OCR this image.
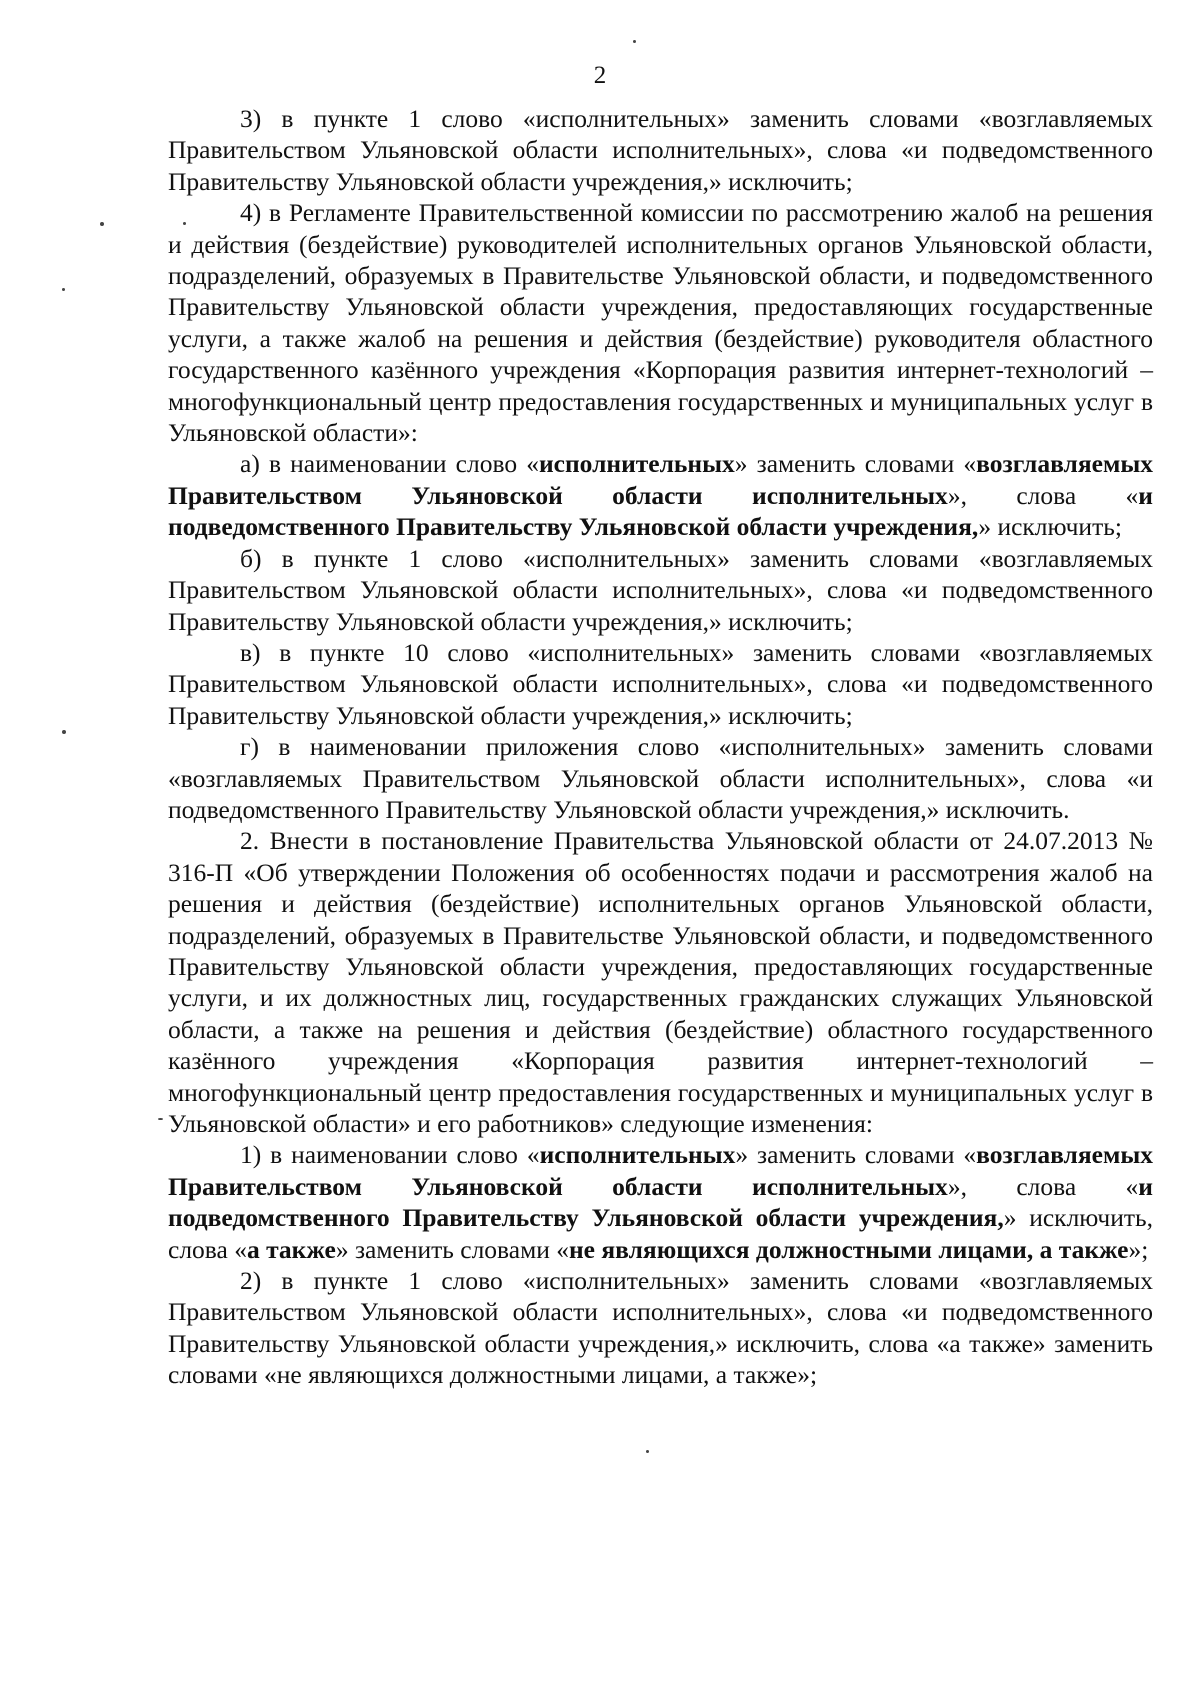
2

3) в пункте 1 слово «исполнительных» заменить словами «возглавляемых Правительством Ульяновской области исполнительных», слова «и подведомственного Правительству Ульяновской области учреждения,» исключить;

4) в Регламенте Правительственной комиссии по рассмотрению жалоб на решения и действия (бездействие) руководителей исполнительных органов Ульяновской области, подразделений, образуемых в Правительстве Ульяновской области, и подведомственного Правительству Ульяновской области учреждения, предоставляющих государственные услуги, а также жалоб на решения и действия (бездействие) руководителя областного государственного казённого учреждения «Корпорация развития интернет-технологий – многофункциональный центр предоставления государственных и муниципальных услуг в Ульяновской области»:

а) в наименовании слово «исполнительных» заменить словами «возглавляемых Правительством Ульяновской области исполнительных», слова «и подведомственного Правительству Ульяновской области учреждения,» исключить;

б) в пункте 1 слово «исполнительных» заменить словами «возглавляемых Правительством Ульяновской области исполнительных», слова «и подведомственного Правительству Ульяновской области учреждения,» исключить;

в) в пункте 10 слово «исполнительных» заменить словами «возглавляемых Правительством Ульяновской области исполнительных», слова «и подведомственного Правительству Ульяновской области учреждения,» исключить;

г) в наименовании приложения слово «исполнительных» заменить словами «возглавляемых Правительством Ульяновской области исполнительных», слова «и подведомственного Правительству Ульяновской области учреждения,» исключить.

2. Внести в постановление Правительства Ульяновской области от 24.07.2013 № 316-П «Об утверждении Положения об особенностях подачи и рассмотрения жалоб на решения и действия (бездействие) исполнительных органов Ульяновской области, подразделений, образуемых в Правительстве Ульяновской области, и подведомственного Правительству Ульяновской области учреждения, предоставляющих государственные услуги, и их должностных лиц, государственных гражданских служащих Ульяновской области, а также на решения и действия (бездействие) областного государственного казённого учреждения «Корпорация развития интернет-технологий – многофункциональный центр предоставления государственных и муниципальных услуг в Ульяновской области» и его работников» следующие изменения:

1) в наименовании слово «исполнительных» заменить словами «возглавляемых Правительством Ульяновской области исполнительных», слова «и подведомственного Правительству Ульяновской области учреждения,» исключить, слова «а также» заменить словами «не являющихся должностными лицами, а также»;

2) в пункте 1 слово «исполнительных» заменить словами «возглавляемых Правительством Ульяновской области исполнительных», слова «и подведомственного Правительству Ульяновской области учреждения,» исключить, слова «а также» заменить словами «не являющихся должностными лицами, а также»;
